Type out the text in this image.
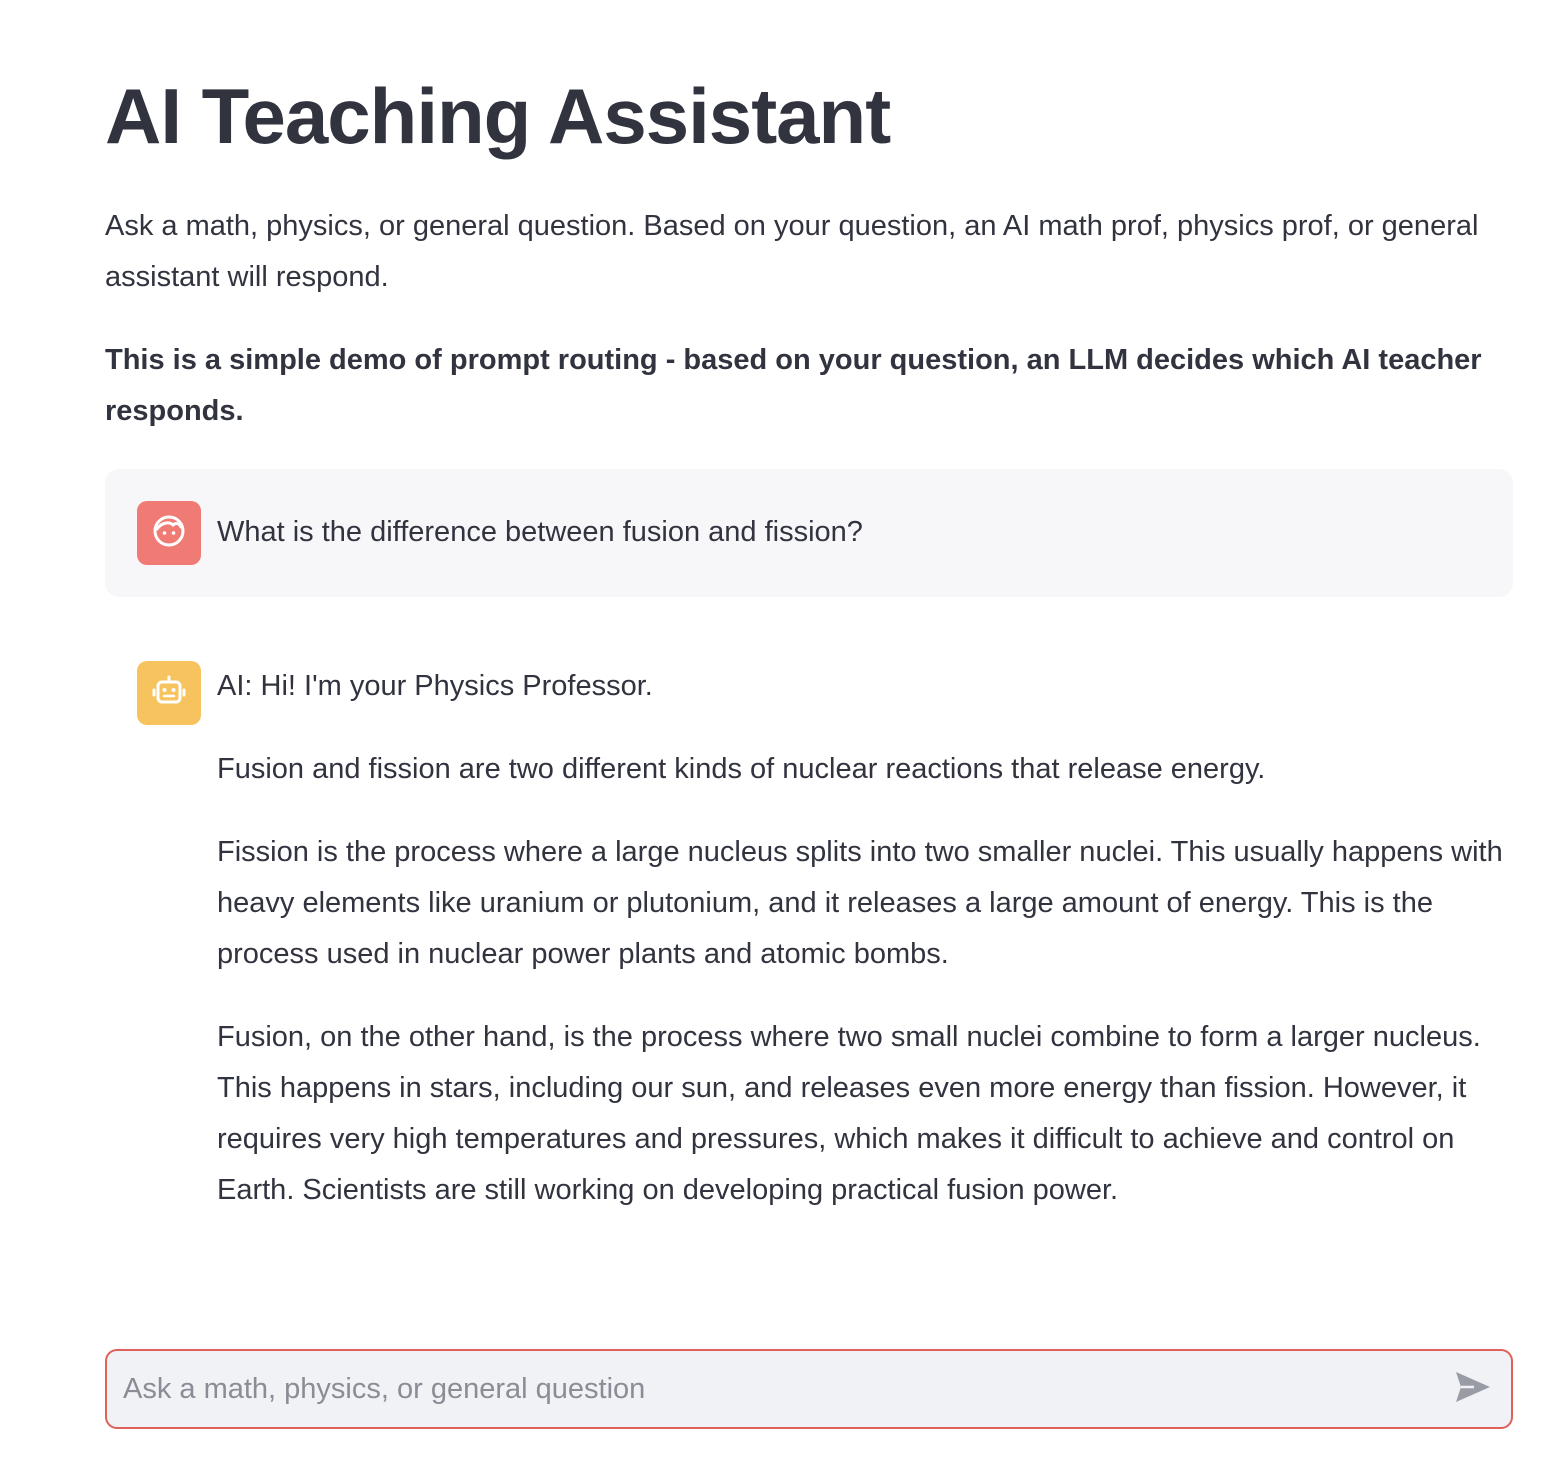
AI Teaching Assistant

Ask a math, physics, or general question. Based on your question, an AI math prof, physics prof, or general assistant will respond.

This is a simple demo of prompt routing - based on your question, an LLM decides which AI teacher responds.

What is the difference between fusion and fission?

AI: Hi! I'm your Physics Professor.

Fusion and fission are two different kinds of nuclear reactions that release energy.

Fission is the process where a large nucleus splits into two smaller nuclei. This usually happens with heavy elements like uranium or plutonium, and it releases a large amount of energy. This is the process used in nuclear power plants and atomic bombs.

Fusion, on the other hand, is the process where two small nuclei combine to form a larger nucleus. This happens in stars, including our sun, and releases even more energy than fission. However, it requires very high temperatures and pressures, which makes it difficult to achieve and control on Earth. Scientists are still working on developing practical fusion power.

Ask a math, physics, or general question
